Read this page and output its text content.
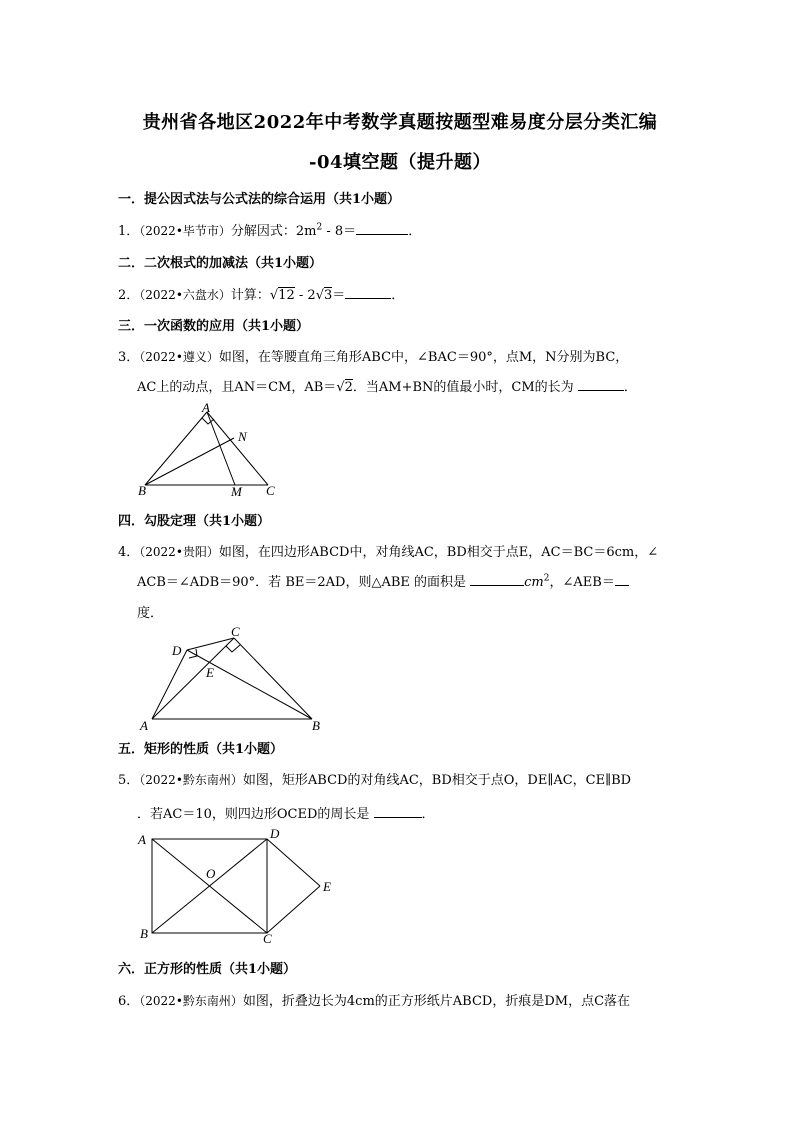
贵州省各地区2022年中考数学真题按题型难易度分层分类汇编
-04填空题（提升题）
一．提公因式法与公式法的综合运用（共1小题）
1．（2022•毕节市）分解因式：$2m^2 - 8=$	．
二．二次根式的加减法（共1小题）
2．（2022•六盘水）计算：√12 - 2√3＝	．
三．一次函数的应用（共1小题）
3．（2022•遵义）如图，在等腰直角三角形ABC中，∠BAC＝90°，点M，N分别为BC，
AC上的动点，且AN＝CM，AB＝√2．当AM+BN的值最小时，CM的长为	．
A
N
B	M C
四．勾股定理（共1小题）
4．（2022•贵阳）如图，在四边形ABCD中，对角线AC，BD相交于点E，AC＝BC＝6cm，∠
ACB＝∠ADB＝90°．若 BE＝2AD，则△ABE 的面积是	$cm^2$，∠AEB＝
度．
C
D
E
A	B
五．矩形的性质（共1小题）
5．（2022•黔东南州）如图，矩形ABCD的对角线AC，BD相交于点O，DE∥AC，CE∥BD
．若AC＝10，则四边形OCED的周长是	．
A	D
O
E
B	C
六．正方形的性质（共1小题）
6．（2022•黔东南州）如图，折叠边长为4cm的正方形纸片ABCD，折痕是DM，点C落在
